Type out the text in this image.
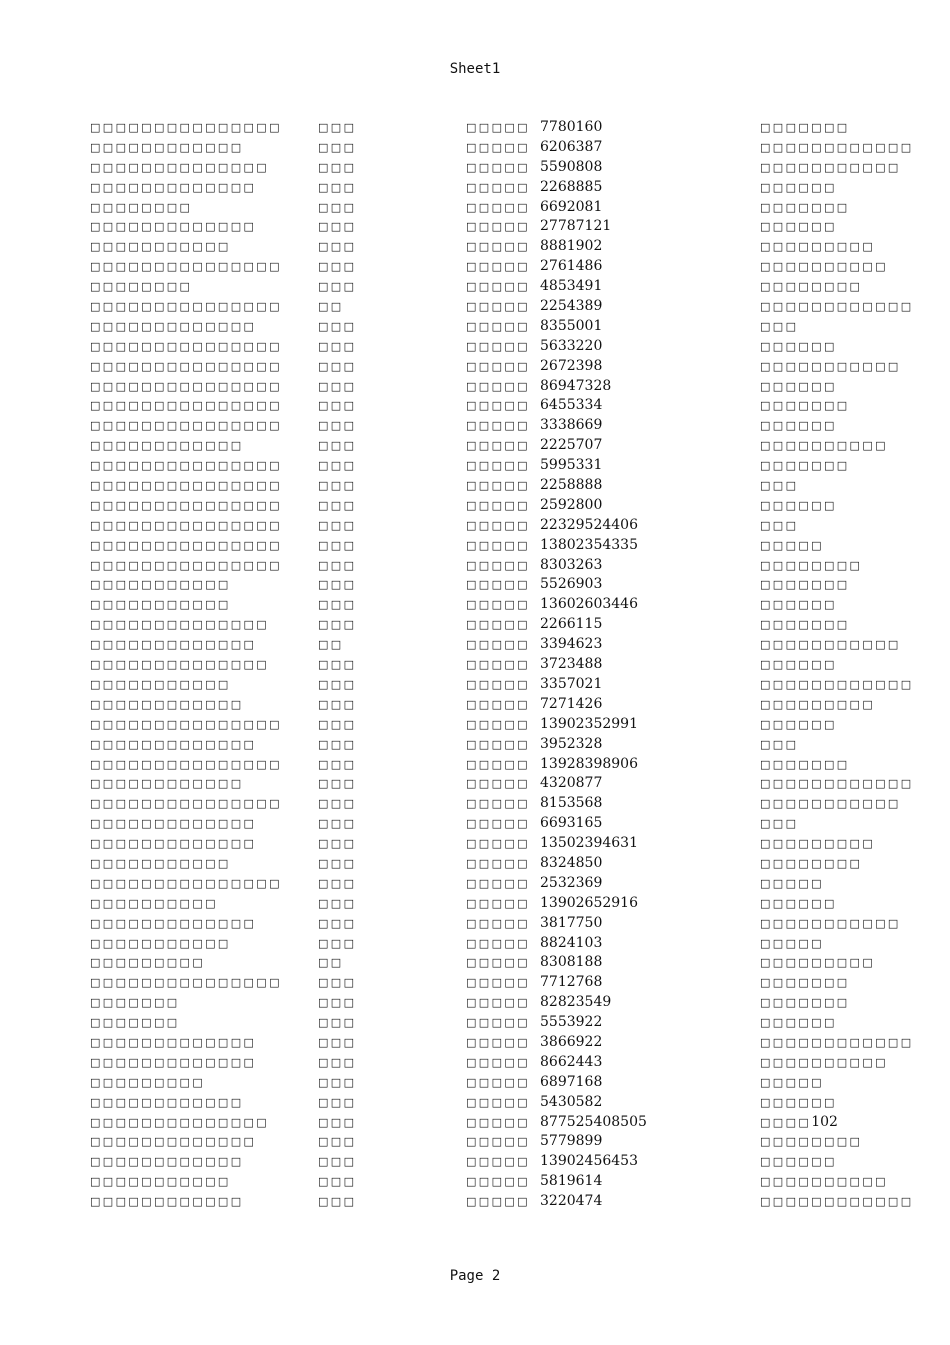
Sheet1
□□□□□□□□□□□□□□□	□□□	□□□□□ 7780160	□□□□□□□
□□□□□□□□□□□□	□□□	□□□□□ 6206387	□□□□□□□□□□□□
□□□□□□□□□□□□□□	□□□	□□□□□ 5590808	□□□□□□□□□□□
□□□□□□□□□□□□□	□□□	□□□□□ 2268885	□□□□□□
□□□□□□□□	□□□	□□□□□ 6692081	□□□□□□□
□□□□□□□□□□□□□	□□□	□□□□□ 27787121	□□□□□□
□□□□□□□□□□□	□□□	□□□□□ 8881902	□□□□□□□□□
□□□□□□□□□□□□□□□	□□□	□□□□□ 2761486	□□□□□□□□□□
□□□□□□□□	□□□	□□□□□ 4853491	□□□□□□□□
□□□□□□□□□□□□□□□	□□	□□□□□ 2254389	□□□□□□□□□□□□
□□□□□□□□□□□□□	□□□	□□□□□ 8355001	□□□
□□□□□□□□□□□□□□□	□□□	□□□□□ 5633220	□□□□□□
□□□□□□□□□□□□□□□	□□□	□□□□□ 2672398	□□□□□□□□□□□
□□□□□□□□□□□□□□□	□□□	□□□□□ 86947328	□□□□□□
□□□□□□□□□□□□□□□	□□□	□□□□□ 6455334	□□□□□□□
□□□□□□□□□□□□□□□	□□□	□□□□□ 3338669	□□□□□□
□□□□□□□□□□□□	□□□	□□□□□ 2225707	□□□□□□□□□□
□□□□□□□□□□□□□□□	□□□	□□□□□ 5995331	□□□□□□□
□□□□□□□□□□□□□□□	□□□	□□□□□ 2258888	□□□
□□□□□□□□□□□□□□□	□□□	□□□□□ 2592800	□□□□□□
□□□□□□□□□□□□□□□	□□□	□□□□□ 22329524406	□□□
□□□□□□□□□□□□□□□	□□□	□□□□□ 13802354335	□□□□□
□□□□□□□□□□□□□□□	□□□	□□□□□ 8303263	□□□□□□□□
□□□□□□□□□□□	□□□	□□□□□ 5526903	□□□□□□□
□□□□□□□□□□□	□□□	□□□□□ 13602603446	□□□□□□
□□□□□□□□□□□□□□	□□□	□□□□□ 2266115	□□□□□□□
□□□□□□□□□□□□□	□□	□□□□□ 3394623	□□□□□□□□□□□
□□□□□□□□□□□□□□	□□□	□□□□□ 3723488	□□□□□□
□□□□□□□□□□□	□□□	□□□□□ 3357021	□□□□□□□□□□□□
□□□□□□□□□□□□	□□□	□□□□□ 7271426	□□□□□□□□□
□□□□□□□□□□□□□□□	□□□	□□□□□ 13902352991	□□□□□□
□□□□□□□□□□□□□	□□□	□□□□□ 3952328	□□□
□□□□□□□□□□□□□□□	□□□	□□□□□ 13928398906	□□□□□□□
□□□□□□□□□□□□	□□□	□□□□□ 4320877	□□□□□□□□□□□□
□□□□□□□□□□□□□□□	□□□	□□□□□ 8153568	□□□□□□□□□□□
□□□□□□□□□□□□□	□□□	□□□□□ 6693165	□□□
□□□□□□□□□□□□□	□□□	□□□□□ 13502394631	□□□□□□□□□
□□□□□□□□□□□	□□□	□□□□□ 8324850	□□□□□□□□
□□□□□□□□□□□□□□□	□□□	□□□□□ 2532369	□□□□□
□□□□□□□□□□	□□□	□□□□□ 13902652916	□□□□□□
□□□□□□□□□□□□□	□□□	□□□□□ 3817750	□□□□□□□□□□□
□□□□□□□□□□□	□□□	□□□□□ 8824103	□□□□□
□□□□□□□□□	□□	□□□□□ 8308188	□□□□□□□□□
□□□□□□□□□□□□□□□	□□□	□□□□□ 7712768	□□□□□□□
□□□□□□□	□□□	□□□□□ 82823549	□□□□□□□
□□□□□□□	□□□	□□□□□ 5553922	□□□□□□
□□□□□□□□□□□□□	□□□	□□□□□ 3866922	□□□□□□□□□□□□
□□□□□□□□□□□□□	□□□	□□□□□ 8662443	□□□□□□□□□□
□□□□□□□□□	□□□	□□□□□ 6897168	□□□□□
□□□□□□□□□□□□	□□□	□□□□□ 5430582	□□□□□□
□□□□□□□□□□□□□□	□□□	□□□□□ 877525408505	□□□□102
□□□□□□□□□□□□□	□□□	□□□□□ 5779899	□□□□□□□□
□□□□□□□□□□□□	□□□	□□□□□ 13902456453	□□□□□□
□□□□□□□□□□□	□□□	□□□□□ 5819614	□□□□□□□□□□
□□□□□□□□□□□□	□□□	□□□□□ 3220474	□□□□□□□□□□□□
Page 2
